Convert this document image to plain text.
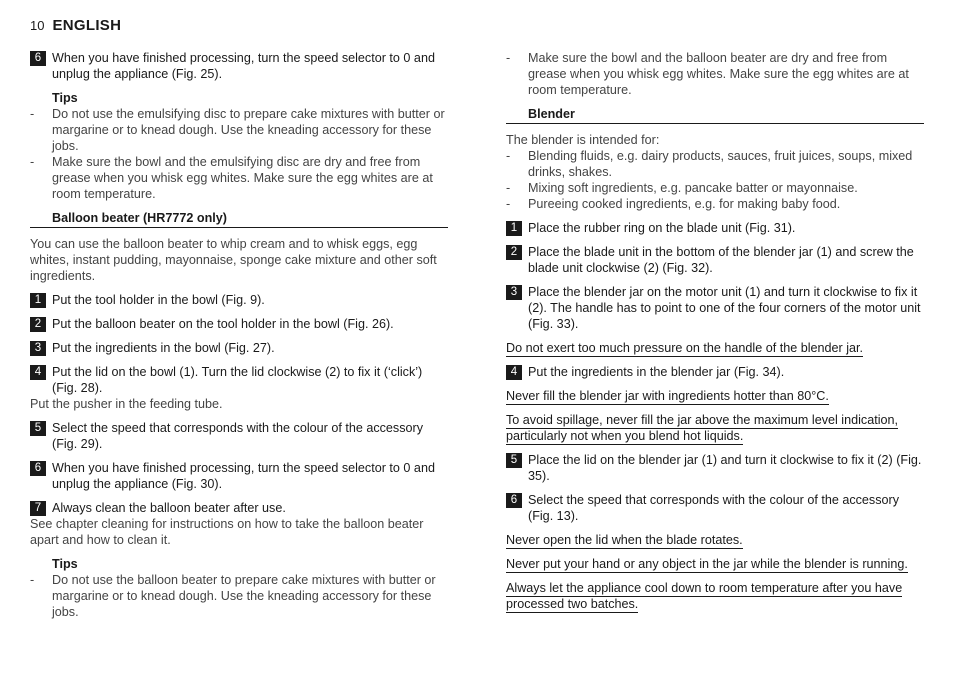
10 ENGLISH
6 When you have finished processing, turn the speed selector to 0 and unplug the appliance (Fig. 25).
Tips
- Do not use the emulsifying disc to prepare cake mixtures with butter or margarine or to knead dough. Use the kneading accessory for these jobs.
- Make sure the bowl and the emulsifying disc are dry and free from grease when you whisk egg whites. Make sure the egg whites are at room temperature.
Balloon beater (HR7772 only)
You can use the balloon beater to whip cream and to whisk eggs, egg whites, instant pudding, mayonnaise, sponge cake mixture and other soft ingredients.
1 Put the tool holder in the bowl (Fig. 9).
2 Put the balloon beater on the tool holder in the bowl (Fig. 26).
3 Put the ingredients in the bowl (Fig. 27).
4 Put the lid on the bowl (1). Turn the lid clockwise (2) to fix it (‘click’) (Fig. 28).
Put the pusher in the feeding tube.
5 Select the speed that corresponds with the colour of the accessory (Fig. 29).
6 When you have finished processing, turn the speed selector to 0 and unplug the appliance (Fig. 30).
7 Always clean the balloon beater after use.
See chapter cleaning for instructions on how to take the balloon beater apart and how to clean it.
Tips
- Do not use the balloon beater to prepare cake mixtures with butter or margarine or to knead dough. Use the kneading accessory for these jobs.
- Make sure the bowl and the balloon beater are dry and free from grease when you whisk egg whites. Make sure the egg whites are at room temperature.
Blender
The blender is intended for:
- Blending fluids, e.g. dairy products, sauces, fruit juices, soups, mixed drinks, shakes.
- Mixing soft ingredients, e.g. pancake batter or mayonnaise.
- Pureeing cooked ingredients, e.g. for making baby food.
1 Place the rubber ring on the blade unit (Fig. 31).
2 Place the blade unit in the bottom of the blender jar (1) and screw the blade unit clockwise (2) (Fig. 32).
3 Place the blender jar on the motor unit (1) and turn it clockwise to fix it (2). The handle has to point to one of the four corners of the motor unit (Fig. 33).
Do not exert too much pressure on the handle of the blender jar.
4 Put the ingredients in the blender jar (Fig. 34).
Never fill the blender jar with ingredients hotter than 80°C.
To avoid spillage, never fill the jar above the maximum level indication, particularly not when you blend hot liquids.
5 Place the lid on the blender jar (1) and turn it clockwise to fix it (2) (Fig. 35).
6 Select the speed that corresponds with the colour of the accessory (Fig. 13).
Never open the lid when the blade rotates.
Never put your hand or any object in the jar while the blender is running.
Always let the appliance cool down to room temperature after you have processed two batches.
